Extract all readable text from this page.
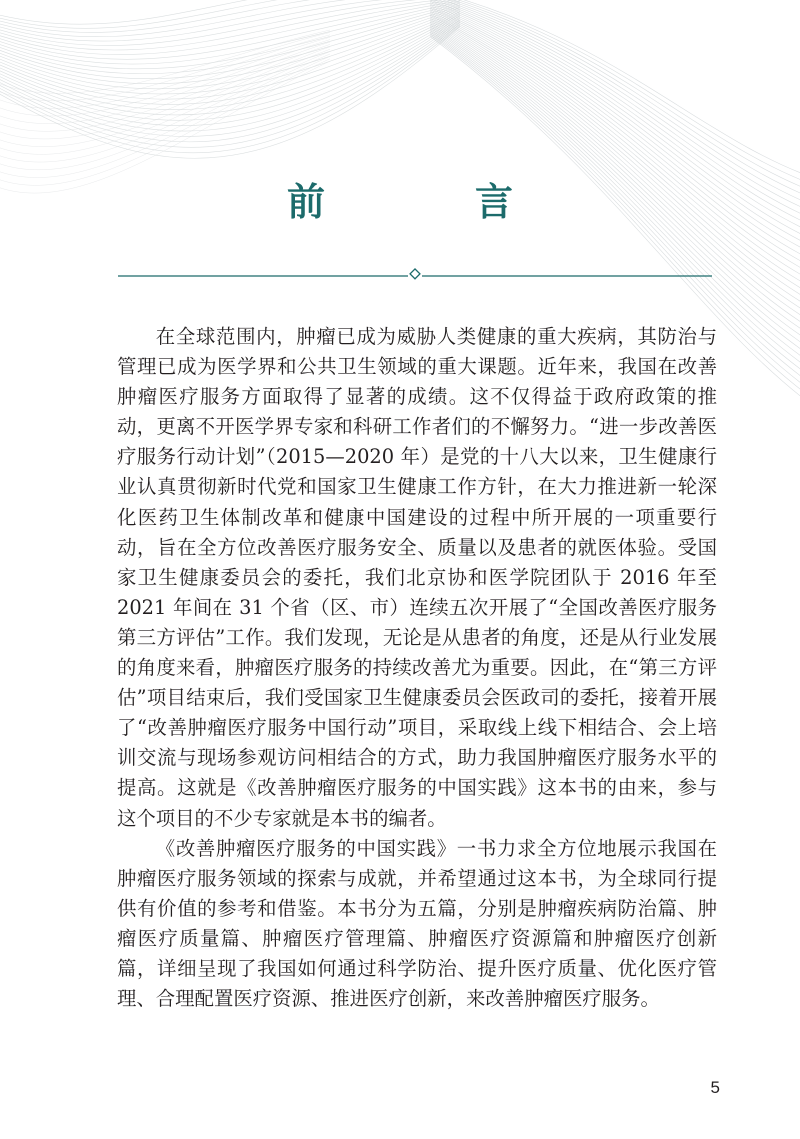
前　言

在全球范围内，肿瘤已成为威胁人类健康的重大疾病，其防治与管理已成为医学界和公共卫生领域的重大课题。近年来，我国在改善肿瘤医疗服务方面取得了显著的成绩。这不仅得益于政府政策的推动，更离不开医学界专家和科研工作者们的不懈努力。“进一步改善医疗服务行动计划”（2015—2020 年）是党的十八大以来，卫生健康行业认真贯彻新时代党和国家卫生健康工作方针，在大力推进新一轮深化医药卫生体制改革和健康中国建设的过程中所开展的一项重要行动，旨在全方位改善医疗服务安全、质量以及患者的就医体验。受国家卫生健康委员会的委托，我们北京协和医学院团队于 2016 年至 2021 年间在 31 个省（区、市）连续五次开展了“全国改善医疗服务第三方评估”工作。我们发现，无论是从患者的角度，还是从行业发展的角度来看，肿瘤医疗服务的持续改善尤为重要。因此，在“第三方评估”项目结束后，我们受国家卫生健康委员会医政司的委托，接着开展了“改善肿瘤医疗服务中国行动”项目，采取线上线下相结合、会上培训交流与现场参观访问相结合的方式，助力我国肿瘤医疗服务水平的提高。这就是《改善肿瘤医疗服务的中国实践》这本书的由来，参与这个项目的不少专家就是本书的编者。

《改善肿瘤医疗服务的中国实践》一书力求全方位地展示我国在肿瘤医疗服务领域的探索与成就，并希望通过这本书，为全球同行提供有价值的参考和借鉴。本书分为五篇，分别是肿瘤疾病防治篇、肿瘤医疗质量篇、肿瘤医疗管理篇、肿瘤医疗资源篇和肿瘤医疗创新篇，详细呈现了我国如何通过科学防治、提升医疗质量、优化医疗管理、合理配置医疗资源、推进医疗创新，来改善肿瘤医疗服务。

5
